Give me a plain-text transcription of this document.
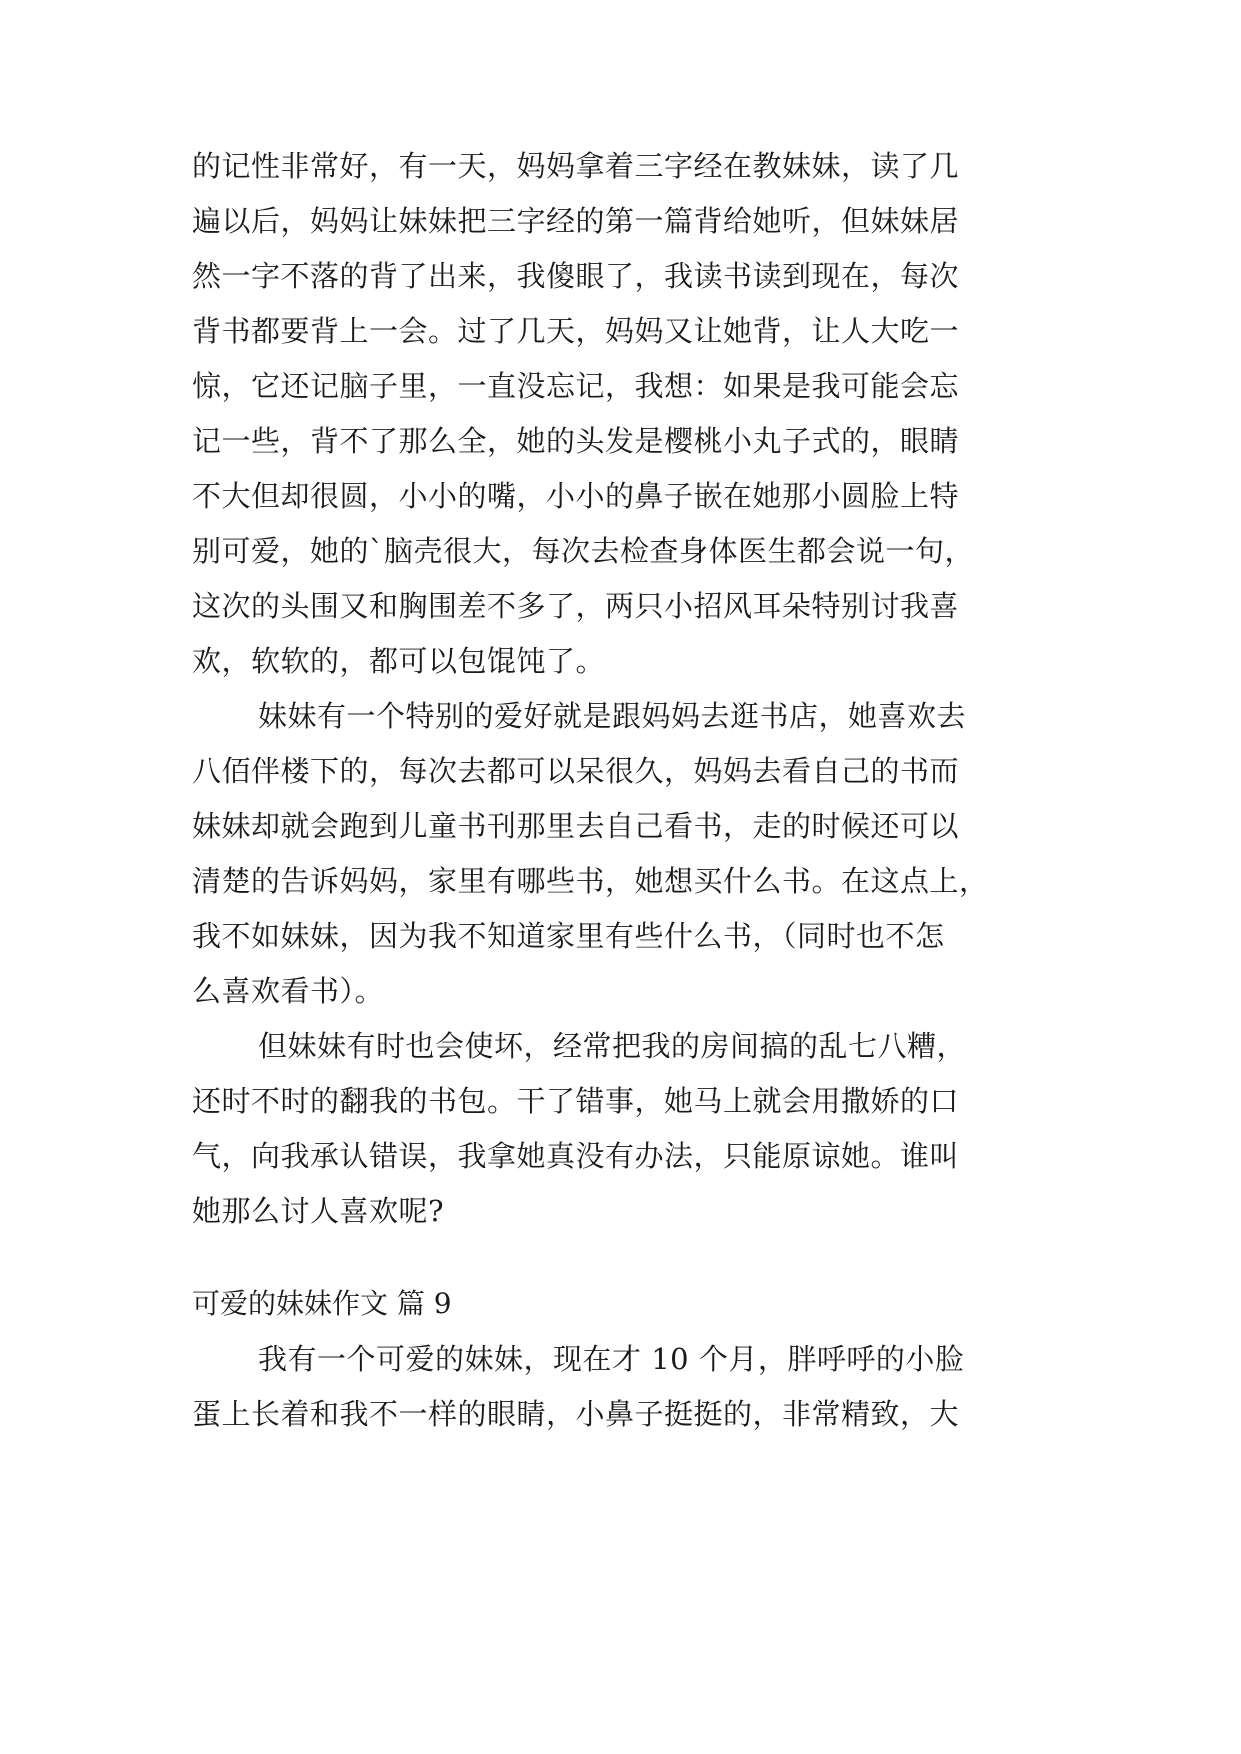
的记性非常好，有一天，妈妈拿着三字经在教妹妹，读了几
遍以后，妈妈让妹妹把三字经的第一篇背给她听，但妹妹居
然一字不落的背了出来，我傻眼了，我读书读到现在，每次
背书都要背上一会。过了几天，妈妈又让她背，让人大吃一
惊，它还记脑子里，一直没忘记，我想：如果是我可能会忘
记一些，背不了那么全，她的头发是樱桃小丸子式的，眼睛
不大但却很圆，小小的嘴，小小的鼻子嵌在她那小圆脸上特
别可爱，她的`脑壳很大，每次去检查身体医生都会说一句，
这次的头围又和胸围差不多了，两只小招风耳朵特别讨我喜
欢，软软的，都可以包馄饨了。
妹妹有一个特别的爱好就是跟妈妈去逛书店，她喜欢去
八佰伴楼下的，每次去都可以呆很久，妈妈去看自己的书而
妹妹却就会跑到儿童书刊那里去自己看书，走的时候还可以
清楚的告诉妈妈，家里有哪些书，她想买什么书。在这点上，
我不如妹妹，因为我不知道家里有些什么书，（同时也不怎
么喜欢看书）。
但妹妹有时也会使坏，经常把我的房间搞的乱七八糟，
还时不时的翻我的书包。干了错事，她马上就会用撒娇的口
气，向我承认错误，我拿她真没有办法，只能原谅她。谁叫
她那么讨人喜欢呢?
可爱的妹妹作文 篇 9
我有一个可爱的妹妹，现在才 10 个月，胖呼呼的小脸
蛋上长着和我不一样的眼睛，小鼻子挺挺的，非常精致，大
